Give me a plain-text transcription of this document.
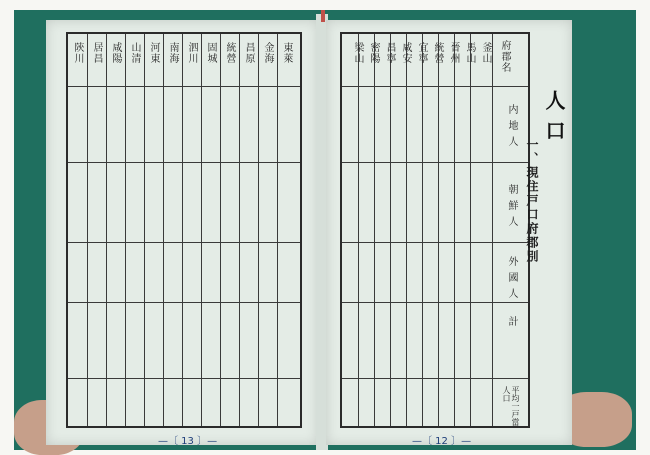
東萊
金海
昌原
統營
固城
泗川
南海
河東
山清
咸陽
居昌
陝川
—〔 13 〕—
府郡名
釜山
馬山
晉州
統營
宜寧
咸安
昌寧
密陽
梁山
内地人
朝鮮人
外國人
計
平均一戸當人口
人口
一、現住戸口府郡別
—〔 12 〕—
